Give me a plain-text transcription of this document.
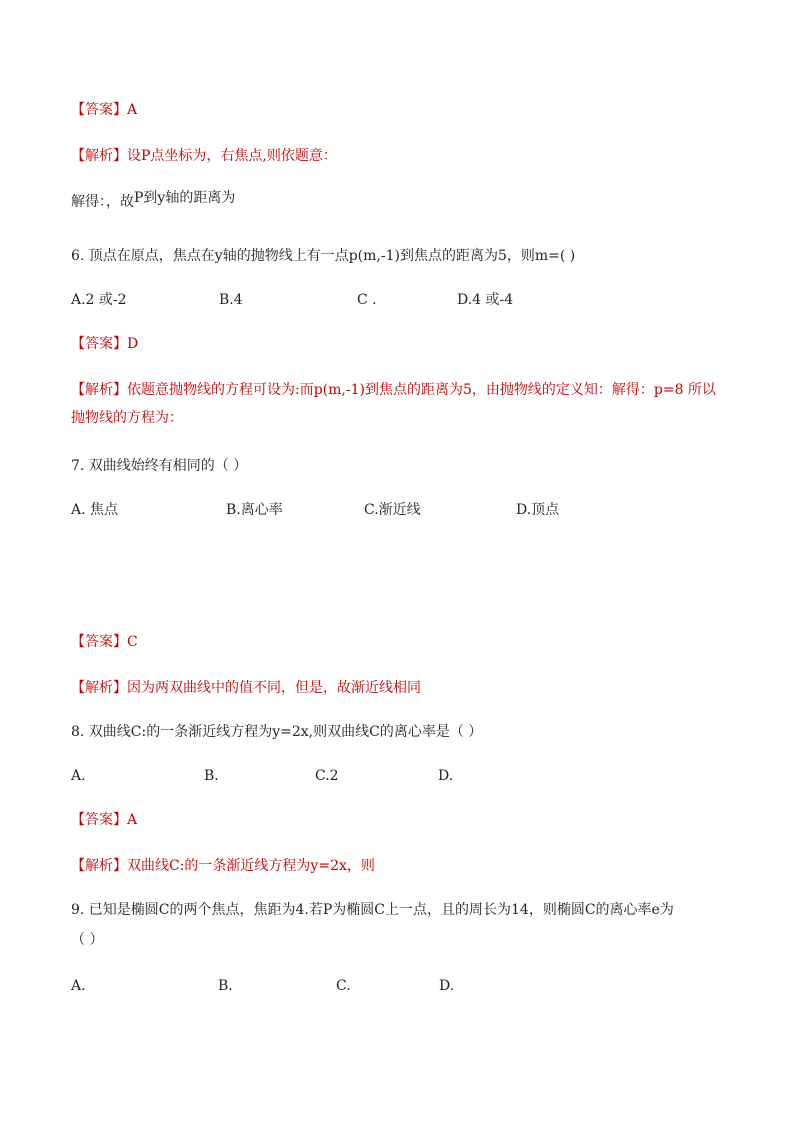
【答案】A
【解析】设P点坐标为，右焦点,则依题意：
解得：，故P到y轴的距离为
6. 顶点在原点，焦点在y轴的抛物线上有一点p(m,-1)到焦点的距离为5，则m=( )
A.2 或-2	B.4	C .	D.4 或-4
【答案】D
【解析】依题意抛物线的方程可设为:而p(m,-1)到焦点的距离为5，由抛物线的定义知：解得：p=8 所以抛物线的方程为：
7. 双曲线始终有相同的（ ）
A. 焦点	B.离心率	C.渐近线	D.顶点
【答案】C
【解析】因为两双曲线中的值不同，但是，故渐近线相同
8. 双曲线C:的一条渐近线方程为y=2x,则双曲线C的离心率是（ ）
A.	B.	C.2	D.
【答案】A
【解析】双曲线C:的一条渐近线方程为y=2x，则
9. 已知是椭圆C的两个焦点，焦距为4.若P为椭圆C上一点，且的周长为14，则椭圆C的离心率e为
（ ）
A.	B.	C.	D.
